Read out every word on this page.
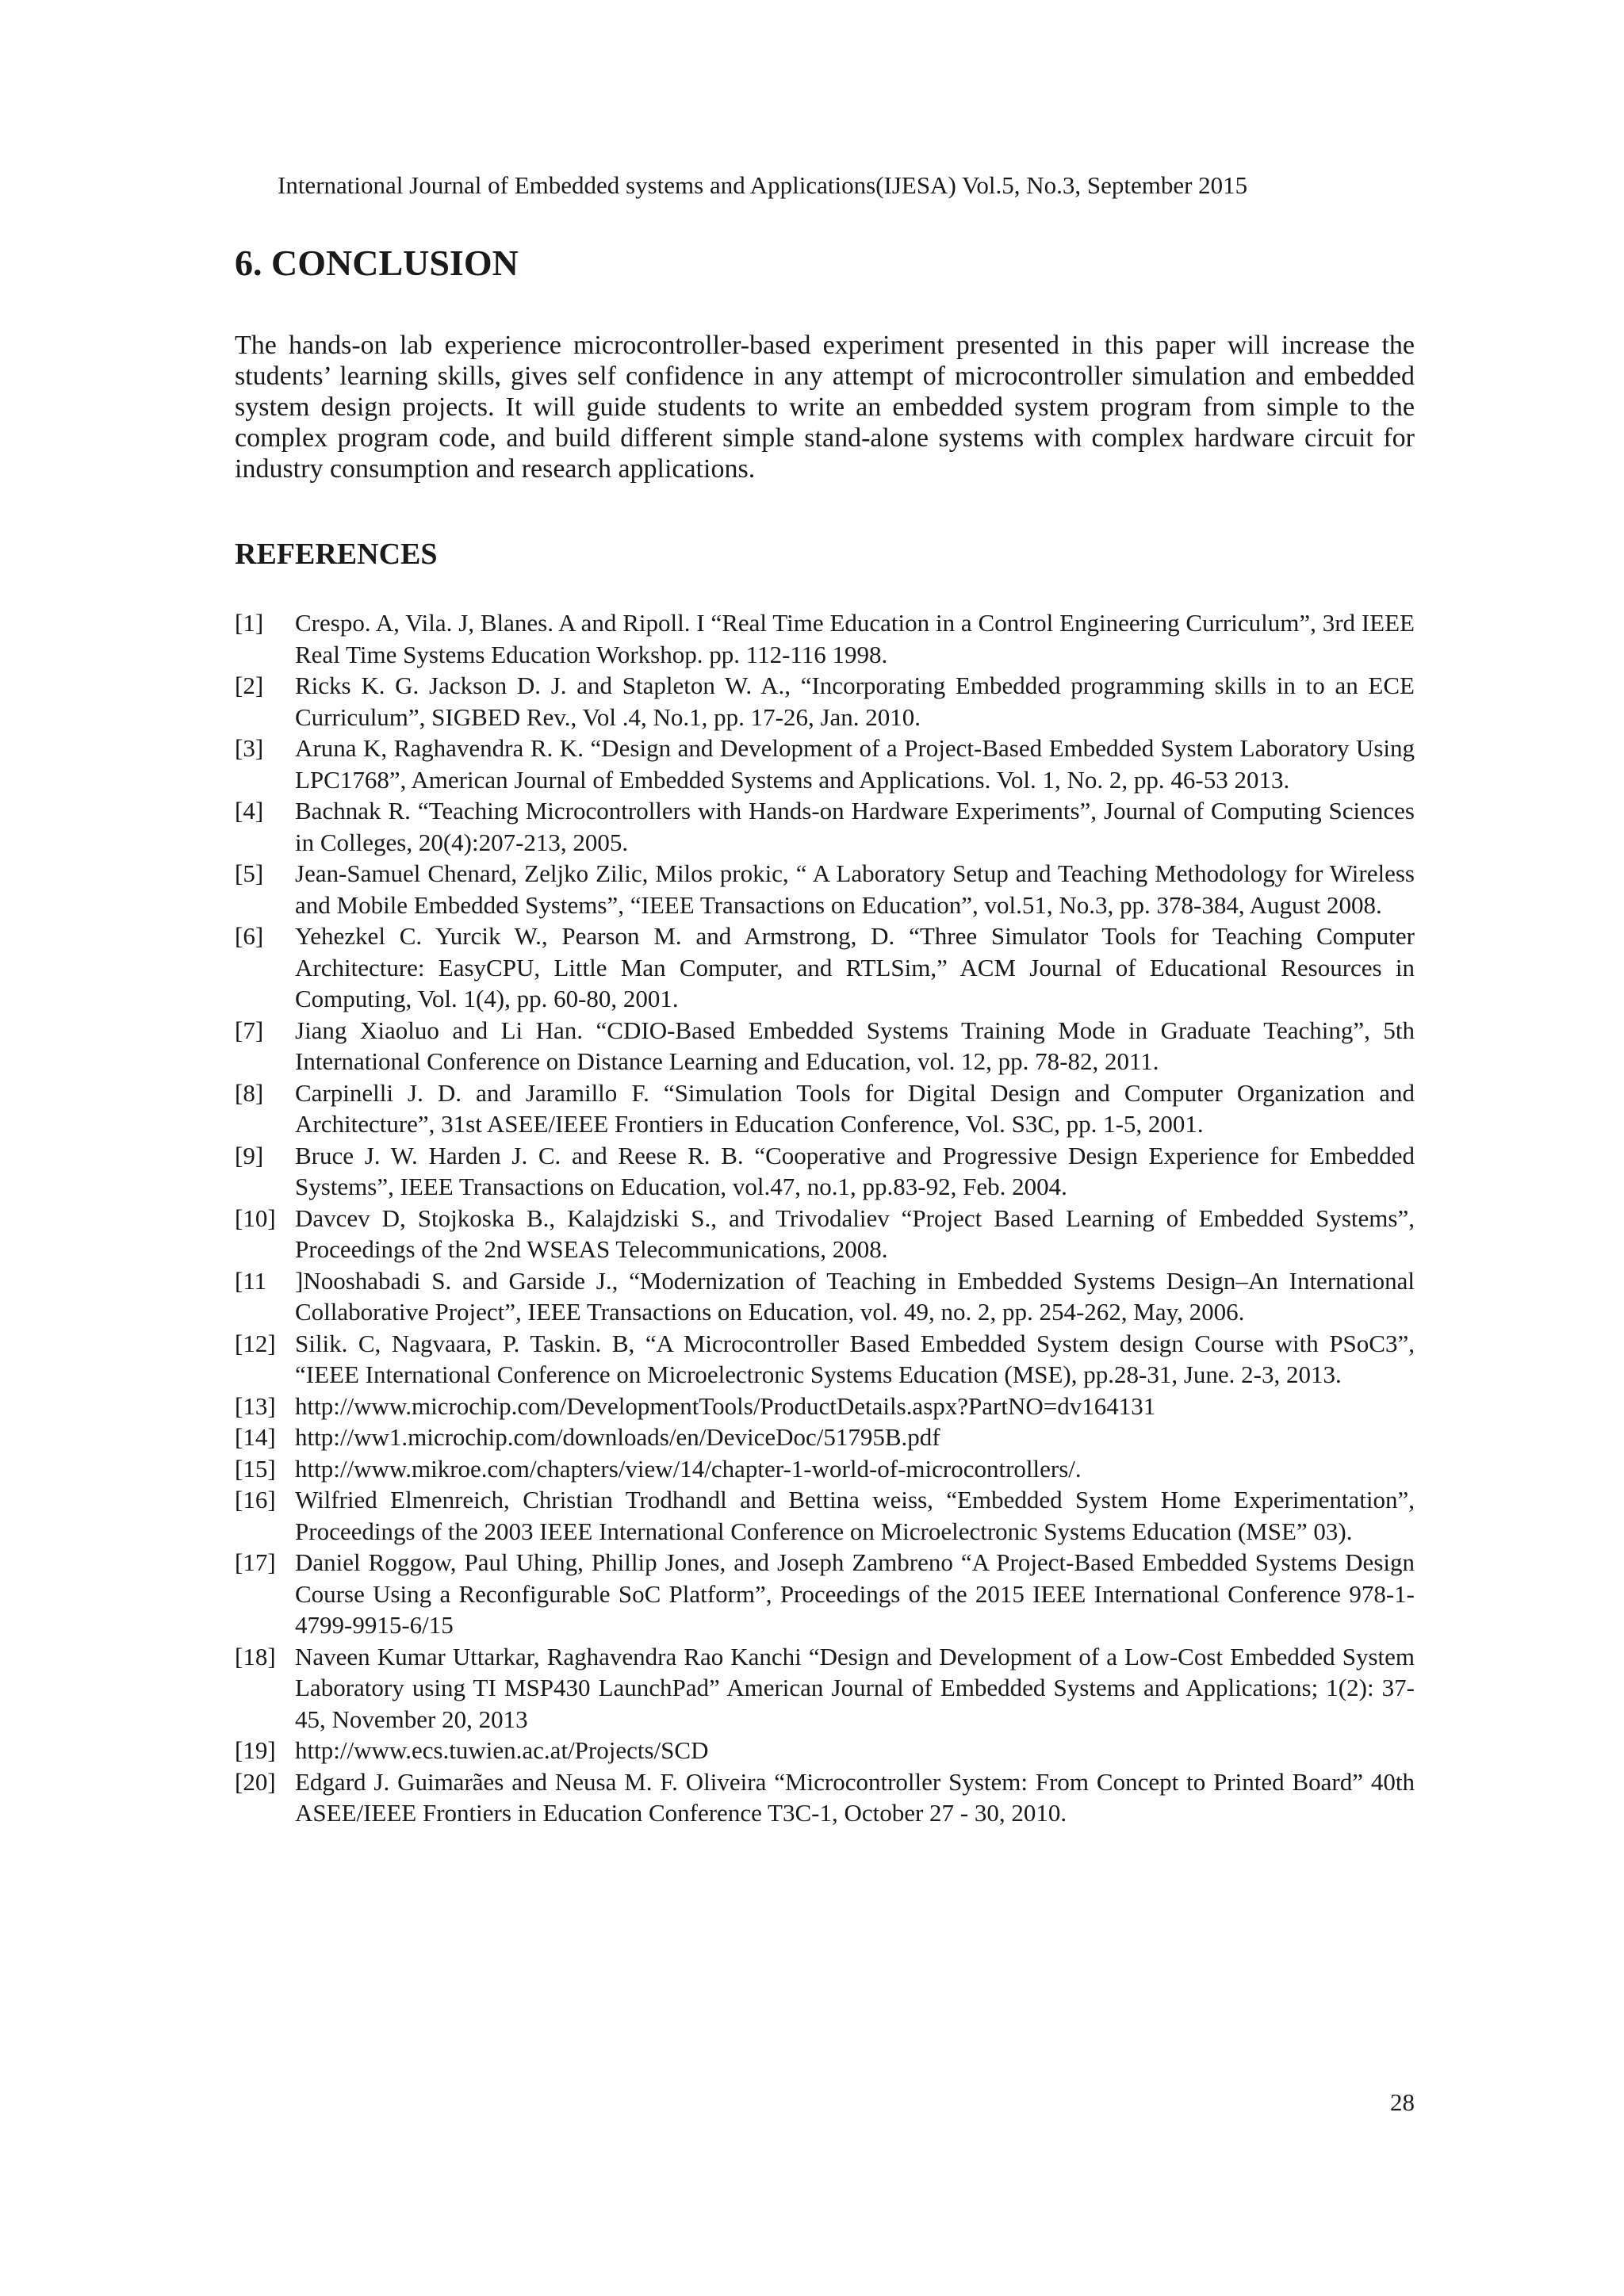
International Journal of Embedded systems and Applications(IJESA) Vol.5, No.3, September 2015
6. CONCLUSION

The hands-on lab experience microcontroller-based experiment presented in this paper will increase the students’ learning skills, gives self confidence in any attempt of microcontroller simulation and embedded system design projects. It will guide students to write an embedded system program from simple to the complex program code, and build different simple stand-alone systems with complex hardware circuit for industry consumption and research applications.

REFERENCES
[1]	Crespo. A, Vila. J, Blanes. A and Ripoll. I “Real Time Education in a Control Engineering Curriculum”, 3rd IEEE Real Time Systems Education Workshop. pp. 112-116 1998.
[2]	Ricks K. G. Jackson D. J. and Stapleton W. A., “Incorporating Embedded programming skills in to an ECE Curriculum”, SIGBED Rev., Vol .4, No.1, pp. 17-26, Jan. 2010.
[3]	Aruna K, Raghavendra R. K. “Design and Development of a Project-Based Embedded System Laboratory Using LPC1768”, American Journal of Embedded Systems and Applications. Vol. 1, No. 2, pp. 46-53 2013.
[4]	Bachnak R. “Teaching Microcontrollers with Hands-on Hardware Experiments”, Journal of Computing Sciences in Colleges, 20(4):207-213, 2005.
[5]	Jean-Samuel Chenard, Zeljko Zilic, Milos prokic, “ A Laboratory Setup and Teaching Methodology for Wireless and Mobile Embedded Systems”, “IEEE Transactions on Education”, vol.51, No.3, pp. 378-384, August 2008.
[6]	Yehezkel C. Yurcik W., Pearson M. and Armstrong, D. “Three Simulator Tools for Teaching Computer Architecture: EasyCPU, Little Man Computer, and RTLSim,” ACM Journal of Educational Resources in Computing, Vol. 1(4), pp. 60-80, 2001.
[7]	Jiang Xiaoluo and Li Han. “CDIO-Based Embedded Systems Training Mode in Graduate Teaching”, 5th International Conference on Distance Learning and Education, vol. 12, pp. 78-82, 2011.
[8]	Carpinelli J. D. and Jaramillo F. “Simulation Tools for Digital Design and Computer Organization and Architecture”, 31st ASEE/IEEE Frontiers in Education Conference, Vol. S3C, pp. 1-5, 2001.
[9]	Bruce J. W. Harden J. C. and Reese R. B. “Cooperative and Progressive Design Experience for Embedded Systems”, IEEE Transactions on Education, vol.47, no.1, pp.83-92, Feb. 2004.
[10] Davcev D, Stojkoska B., Kalajdziski S., and Trivodaliev “Project Based Learning of Embedded Systems”, Proceedings of the 2nd WSEAS Telecommunications, 2008.
[11	]Nooshabadi S. and Garside J., “Modernization of Teaching in Embedded Systems Design–An International Collaborative Project”, IEEE Transactions on Education, vol. 49, no. 2, pp. 254-262, May, 2006.
[12] Silik. C, Nagvaara, P. Taskin. B, “A Microcontroller Based Embedded System design Course with PSoC3”, “IEEE International Conference on Microelectronic Systems Education (MSE), pp.28-31, June. 2-3, 2013.
[13] http://www.microchip.com/DevelopmentTools/ProductDetails.aspx?PartNO=dv164131
[14] http://ww1.microchip.com/downloads/en/DeviceDoc/51795B.pdf
[15] http://www.mikroe.com/chapters/view/14/chapter-1-world-of-microcontrollers/.
[16] Wilfried Elmenreich, Christian Trodhandl and Bettina weiss, “Embedded System Home Experimentation”, Proceedings of the 2003 IEEE International Conference on Microelectronic Systems Education (MSE” 03).
[17] Daniel Roggow, Paul Uhing, Phillip Jones, and Joseph Zambreno “A Project-Based Embedded Systems Design Course Using a Reconfigurable SoC Platform”, Proceedings of the 2015 IEEE International Conference 978-1-4799-9915-6/15
[18] Naveen Kumar Uttarkar, Raghavendra Rao Kanchi “Design and Development of a Low-Cost Embedded System Laboratory using TI MSP430 LaunchPad” American Journal of Embedded Systems and Applications; 1(2): 37-45, November 20, 2013
[19] http://www.ecs.tuwien.ac.at/Projects/SCD
[20] Edgard J. Guimarães and Neusa M. F. Oliveira “Microcontroller System: From Concept to Printed Board” 40th ASEE/IEEE Frontiers in Education Conference T3C-1, October 27 - 30, 2010.
28
